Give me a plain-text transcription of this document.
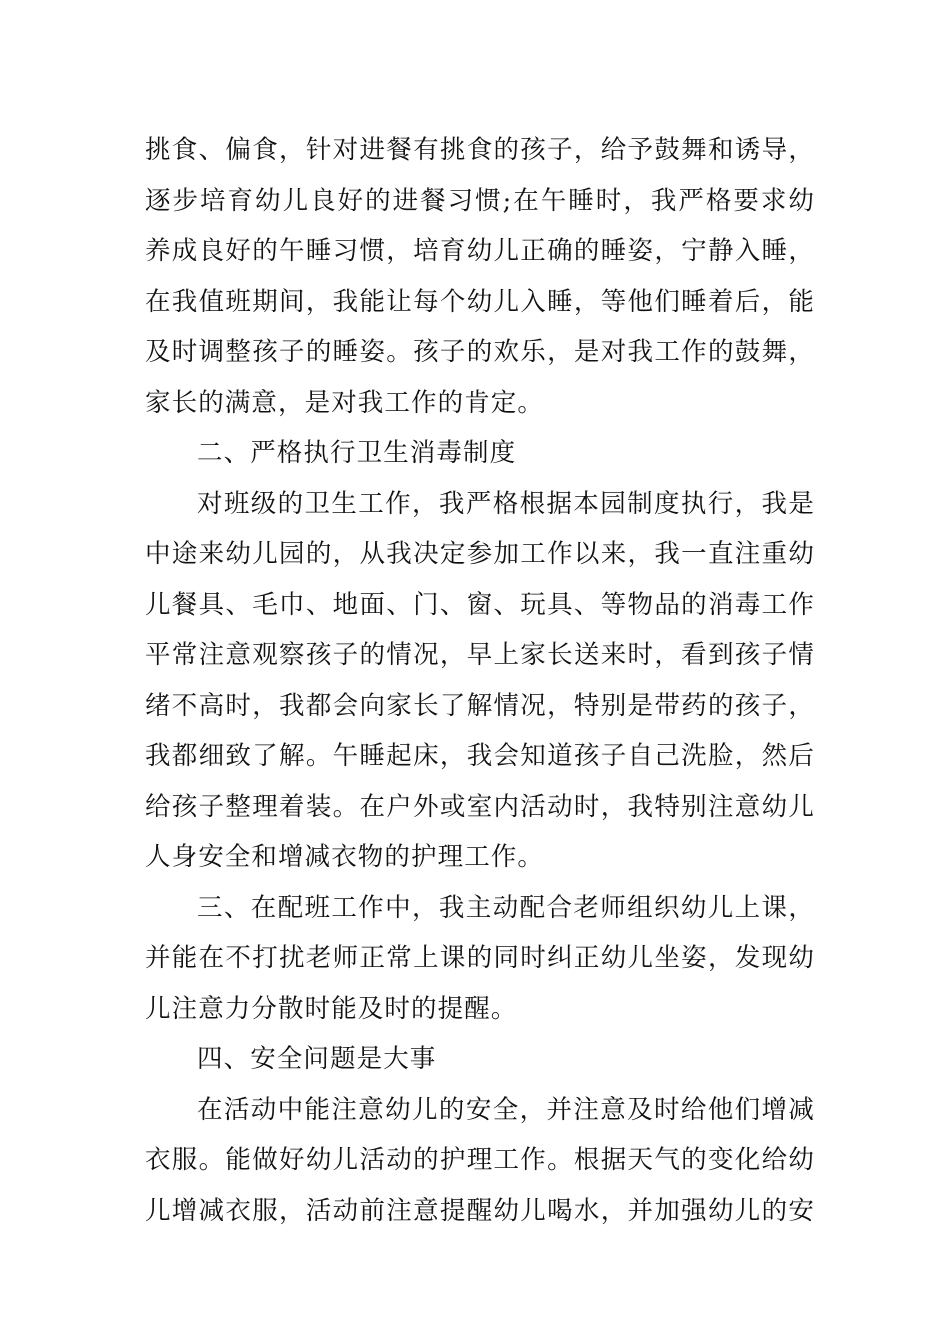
挑食、偏食，针对进餐有挑食的孩子，给予鼓舞和诱导，
逐步培育幼儿良好的进餐习惯;在午睡时，我严格要求幼
养成良好的午睡习惯，培育幼儿正确的睡姿，宁静入睡，
在我值班期间，我能让每个幼儿入睡，等他们睡着后，能
及时调整孩子的睡姿。孩子的欢乐，是对我工作的鼓舞，
家长的满意，是对我工作的肯定。
二、严格执行卫生消毒制度
对班级的卫生工作，我严格根据本园制度执行，我是
中途来幼儿园的，从我决定参加工作以来，我一直注重幼
儿餐具、毛巾、地面、门、窗、玩具、等物品的消毒工作
平常注意观察孩子的情况，早上家长送来时，看到孩子情
绪不高时，我都会向家长了解情况，特别是带药的孩子，
我都细致了解。午睡起床，我会知道孩子自己洗脸，然后
给孩子整理着装。在户外或室内活动时，我特别注意幼儿
人身安全和增减衣物的护理工作。
三、在配班工作中，我主动配合老师组织幼儿上课，
并能在不打扰老师正常上课的同时纠正幼儿坐姿，发现幼
儿注意力分散时能及时的提醒。
四、安全问题是大事
在活动中能注意幼儿的安全，并注意及时给他们增减
衣服。能做好幼儿活动的护理工作。根据天气的变化给幼
儿增减衣服，活动前注意提醒幼儿喝水，并加强幼儿的安
